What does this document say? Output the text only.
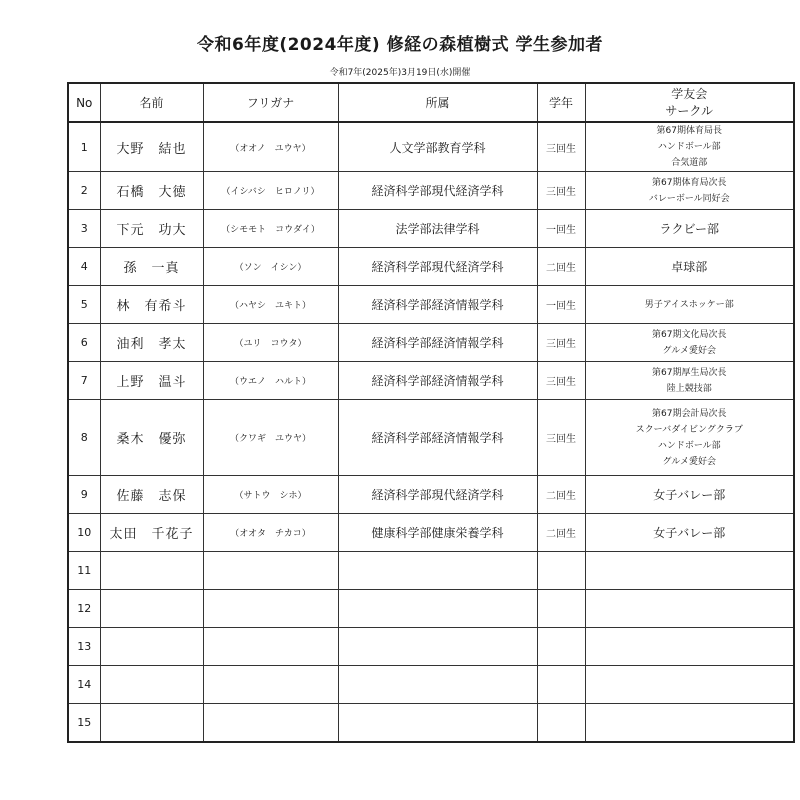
令和6年度(2024年度) 修経の森植樹式 学生参加者
令和7年(2025年)3月19日(水)開催
No	名前	フリガナ	所属	学年	学友会
サークル

1	大野　結也	（オオノ　ユウヤ）	人文学部教育学科	三回生	第67期体育局長
ハンドボール部
合気道部

2	石橋　大徳	（イシバシ　ヒロノリ）	経済科学部現代経済学科	三回生	第67期体育局次長
バレーボール同好会

3	下元　功大	（シモモト　コウダイ）	法学部法律学科	一回生	ラクビー部

4	孫　一真	（ソン　イシン）	経済科学部現代経済学科	二回生	卓球部

5	林　有希斗	（ハヤシ　ユキト）	経済科学部経済情報学科	一回生	男子アイスホッケー部

6	油利　孝太	（ユリ　コウタ）	経済科学部経済情報学科	三回生	第67期文化局次長
グルメ愛好会

7	上野　温斗	（ウエノ　ハルト）	経済科学部経済情報学科	三回生	第67期厚生局次長
陸上競技部

8	桑木　優弥	（クワギ　ユウヤ）	経済科学部経済情報学科	三回生	第67期会計局次長
スクーバダイビングクラブ
ハンドボール部
グルメ愛好会

9	佐藤　志保	（サトウ　シホ）	経済科学部現代経済学科	二回生	女子バレー部

10	太田　千花子	（オオタ　チカコ）	健康科学部健康栄養学科	二回生	女子バレー部

11					
12					
13					
14					
15					
